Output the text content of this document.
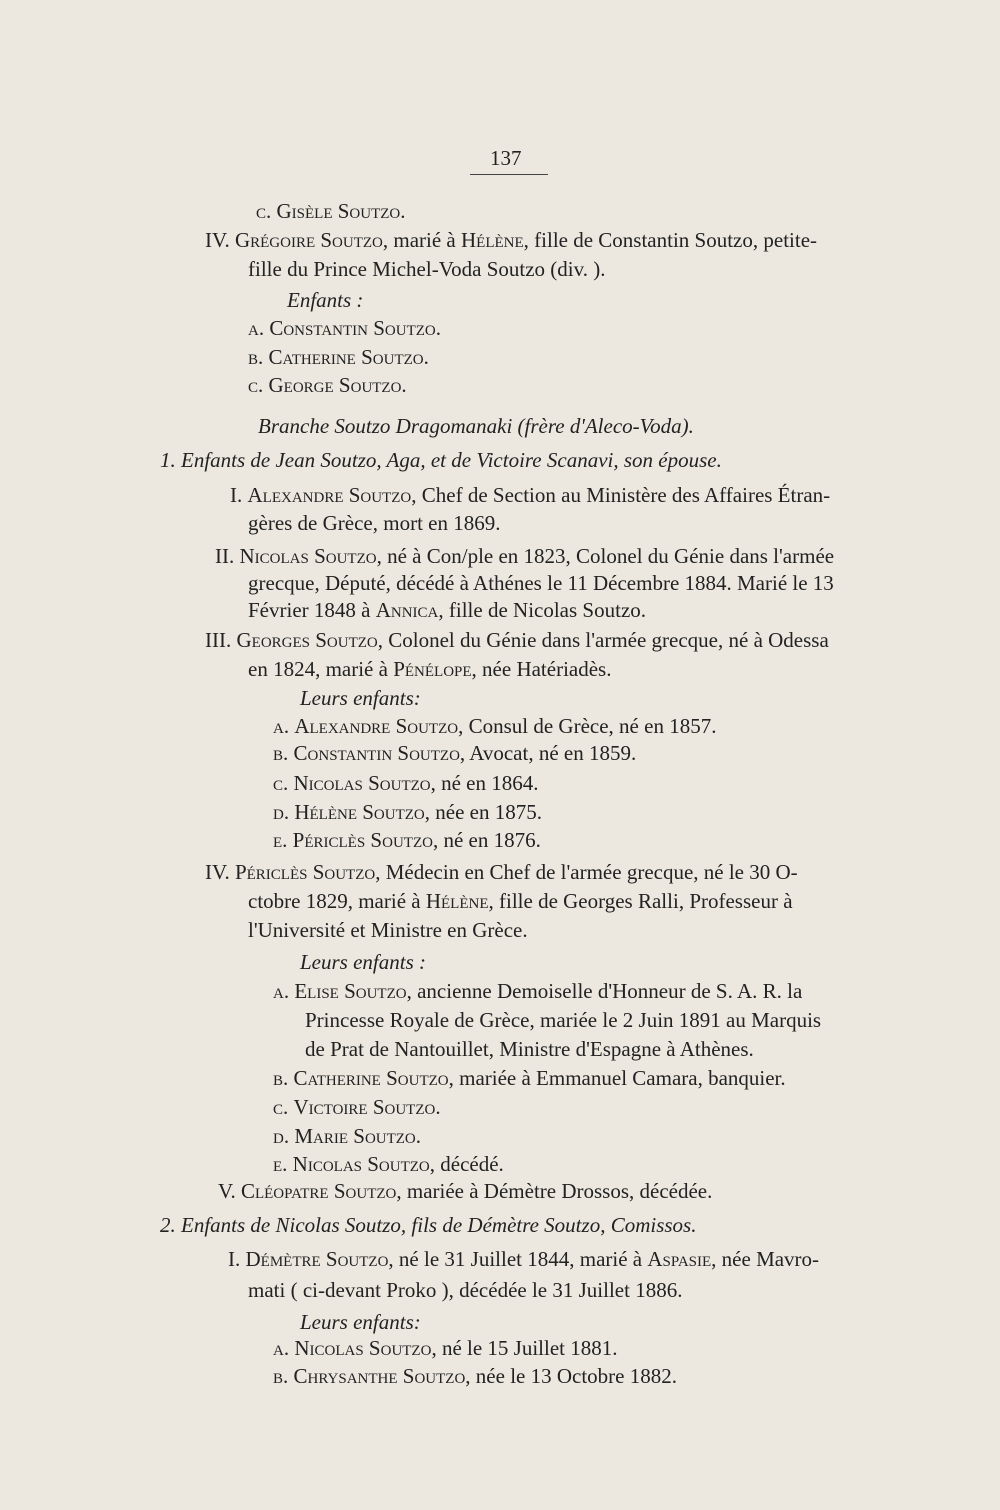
137
c. Gisèle Soutzo.
IV. Grégoire Soutzo, marié à Hélène, fille de Constantin Soutzo, petite-
fille du Prince Michel-Voda Soutzo (div. ).
Enfants :
a. Constantin Soutzo.
b. Catherine Soutzo.
c. George Soutzo.
Branche Soutzo Dragomanaki (frère d'Aleco-Voda).
1. Enfants de Jean Soutzo, Aga, et de Victoire Scanavi, son épouse.
I. Alexandre Soutzo, Chef de Section au Ministère des Affaires Étran-
gères de Grèce, mort en 1869.
II. Nicolas Soutzo, né à Con/ple en 1823, Colonel du Génie dans l'armée
grecque, Député, décédé à Athénes le 11 Décembre 1884. Marié le 13
Février 1848 à Annica, fille de Nicolas Soutzo.
III. Georges Soutzo, Colonel du Génie dans l'armée grecque, né à Odessa
en 1824, marié à Pénélope, née Hatériadès.
Leurs enfants:
a. Alexandre Soutzo, Consul de Grèce, né en 1857.
b. Constantin Soutzo, Avocat, né en 1859.
c. Nicolas Soutzo, né en 1864.
d. Hélène Soutzo, née en 1875.
e. Périclès Soutzo, né en 1876.
IV. Périclès Soutzo, Médecin en Chef de l'armée grecque, né le 30 O-
ctobre 1829, marié à Hélène, fille de Georges Ralli, Professeur à
l'Université et Ministre en Grèce.
Leurs enfants :
a. Elise Soutzo, ancienne Demoiselle d'Honneur de S. A. R. la
Princesse Royale de Grèce, mariée le 2 Juin 1891 au Marquis
de Prat de Nantouillet, Ministre d'Espagne à Athènes.
b. Catherine Soutzo, mariée à Emmanuel Camara, banquier.
c. Victoire Soutzo.
d. Marie Soutzo.
e. Nicolas Soutzo, décédé.
V. Cléopatre Soutzo, mariée à Démètre Drossos, décédée.
2. Enfants de Nicolas Soutzo, fils de Démètre Soutzo, Comissos.
I. Démètre Soutzo, né le 31 Juillet 1844, marié à Aspasie, née Mavro-
mati ( ci-devant Proko ), décédée le 31 Juillet 1886.
Leurs enfants:
a. Nicolas Soutzo, né le 15 Juillet 1881.
b. Chrysanthe Soutzo, née le 13 Octobre 1882.
